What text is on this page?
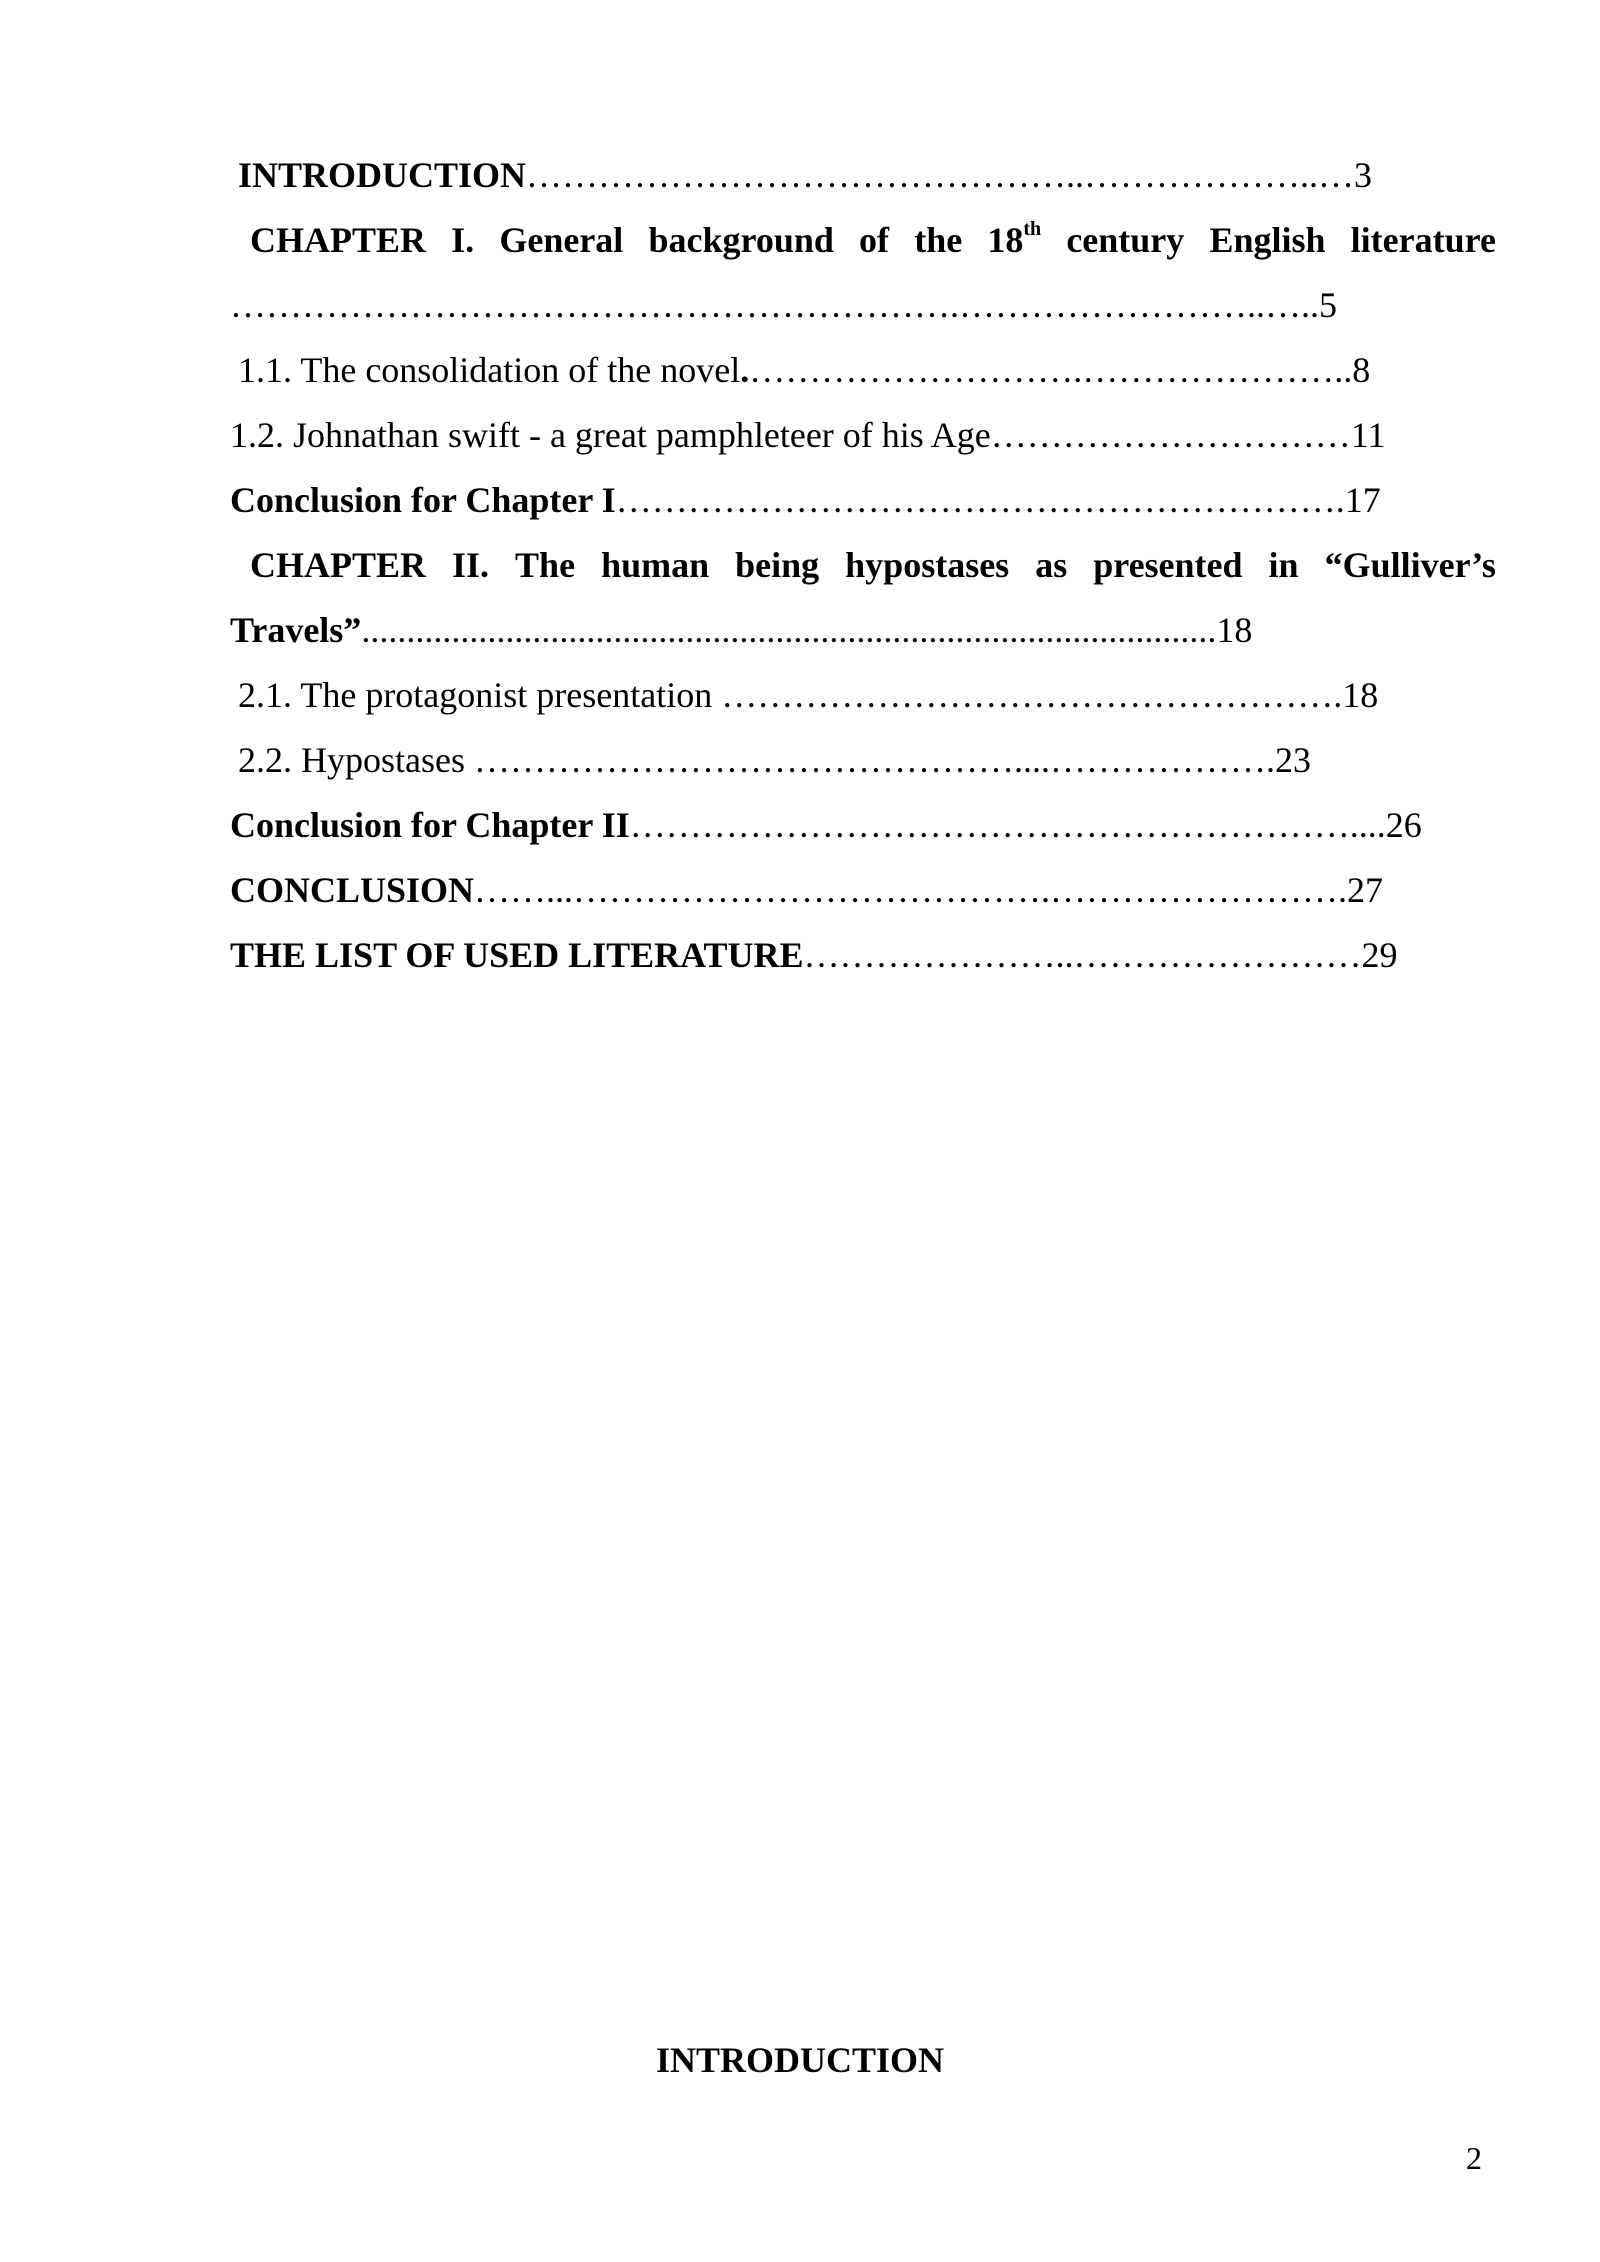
INTRODUCTION………………………………………..………………..…3
CHAPTER I. General background of the 18th century English literature
…………………………………………………….……………………..…..5
1.1. The consolidation of the novel.……………………….…………………..8
1.2. Johnathan swift - a great pamphleteer of his Age…………………………11
Conclusion for Chapter I…………………………………………………….17
CHAPTER II. The human being hypostases as presented in “Gulliver’s
Travels”...............................................................................................18
2.1. The protagonist presentation …………………………………………….18
2.2. Hypostases ………………………………………....……………….23
Conclusion for Chapter II……………………………………………………....26
CONCLUSION……...………………………………….…………………….27
THE LIST OF USED LITERATURE…………………..……………………29
INTRODUCTION
2
